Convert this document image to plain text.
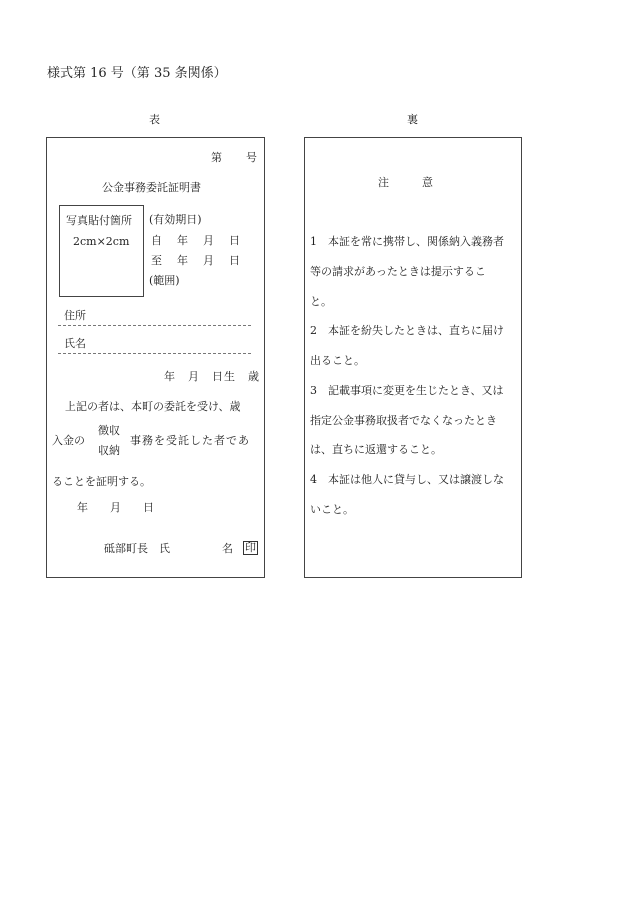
様式第 16 号（第 35 条関係）
表	裏
第 号
公金事務委託証明書
写真貼付箇所
2cm×2cm
(有効期日)
自　年　月　日
至　年　月　日
(範囲)
住所
氏名
年　月　日生　歳
上記の者は、本町の委託を受け、歳
入金の
徴収
収納
事務を受託した者であ
ることを証明する。
年　　月　　日
砥部町長　氏	名 印
注　　　意
1　本証を常に携帯し、関係納入義務者
等の請求があったときは提示するこ
と。
2　本証を紛失したときは、直ちに届け
出ること。
3　記載事項に変更を生じたとき、又は
指定公金事務取扱者でなくなったとき
は、直ちに返還すること。
4　本証は他人に貸与し、又は譲渡しな
いこと。
